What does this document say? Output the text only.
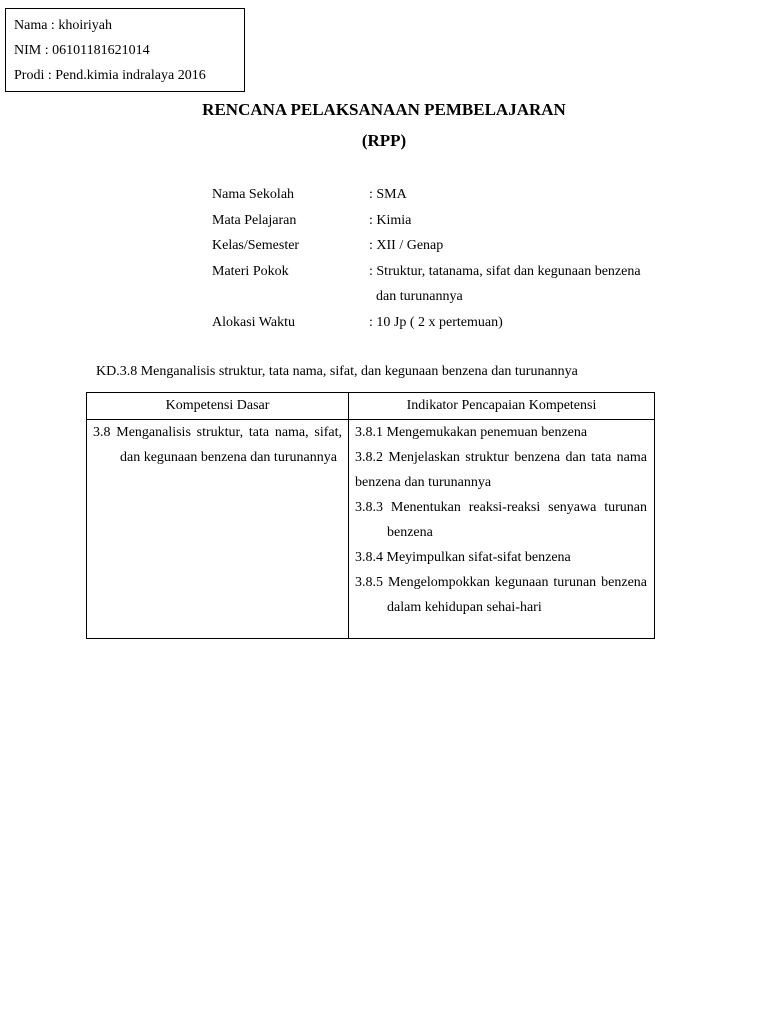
Nama : khoiriyah
NIM : 06101181621014
Prodi : Pend.kimia indralaya 2016
RENCANA PELAKSANAAN PEMBELAJARAN
(RPP)
Nama Sekolah	: SMA
Mata Pelajaran	: Kimia
Kelas/Semester	: XII / Genap
Materi Pokok	: Struktur, tatanama, sifat dan kegunaan benzena
dan turunannya
Alokasi Waktu	: 10 Jp ( 2 x pertemuan)
KD.3.8 Menganalisis struktur, tata nama, sifat, dan kegunaan benzena dan turunannya
Kompetensi Dasar	Indikator Pencapaian Kompetensi

3.8 Menganalisis struktur, tata nama, sifat, dan kegunaan benzena dan turunannya	3.8.1 Mengemukakan penemuan benzena
3.8.2 Menjelaskan struktur benzena dan tata nama benzena dan turunannya
3.8.3 Menentukan reaksi-reaksi senyawa turunan benzena
3.8.4 Meyimpulkan sifat-sifat benzena
3.8.5 Mengelompokkan kegunaan turunan benzena dalam kehidupan sehai-hari
